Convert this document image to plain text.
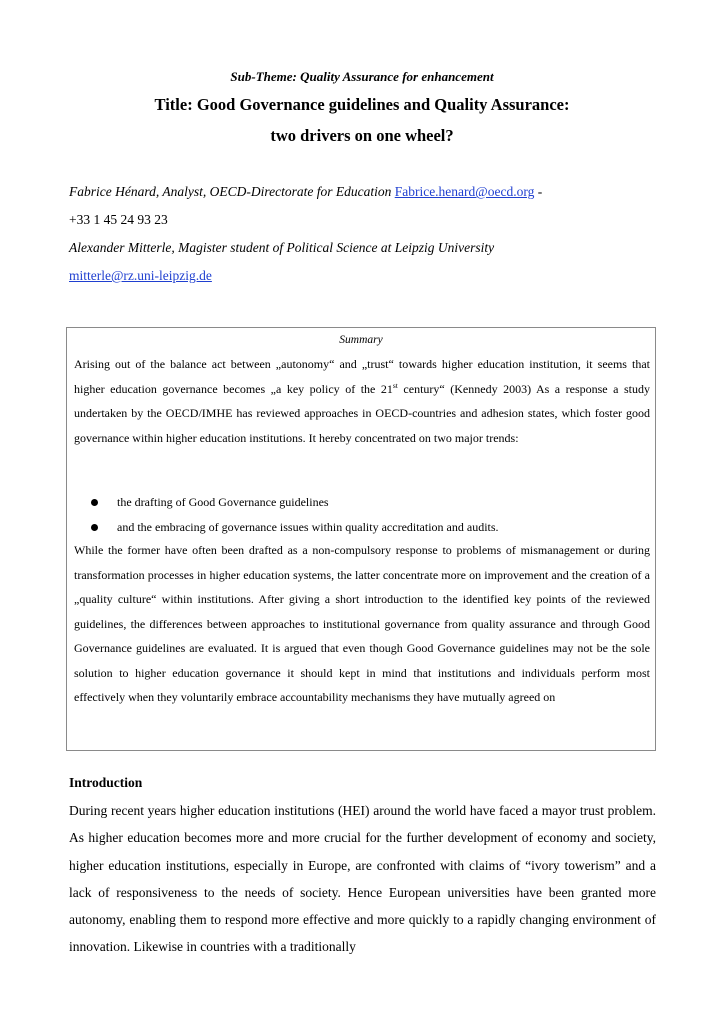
Sub-Theme: Quality Assurance for enhancement
Title: Good Governance guidelines and Quality Assurance:
two drivers on one wheel?
Fabrice Hénard, Analyst, OECD-Directorate for Education Fabrice.henard@oecd.org -
+33 1 45 24 93 23
Alexander Mitterle, Magister student of Political Science at Leipzig University
mitterle@rz.uni-leipzig.de
Summary
Arising out of the balance act between „autonomy“ and „trust“ towards higher education institution, it seems that higher education governance becomes „a key policy of the 21st century“ (Kennedy 2003) As a response a study undertaken by the OECD/IMHE has reviewed approaches in OECD-countries and adhesion states, which foster good governance within higher education institutions. It hereby concentrated on two major trends:
the drafting of Good Governance guidelines
and the embracing of governance issues within quality accreditation and audits.
While the former have often been drafted as a non-compulsory response to problems of mismanagement or during transformation processes in higher education systems, the latter concentrate more on improvement and the creation of a „quality culture“ within institutions. After giving a short introduction to the identified key points of the reviewed guidelines, the differences between approaches to institutional governance from quality assurance and through Good Governance guidelines are evaluated. It is argued that even though Good Governance guidelines may not be the sole solution to higher education governance it should kept in mind that institutions and individuals perform most effectively when they voluntarily embrace accountability mechanisms they have mutually agreed on
Introduction
During recent years higher education institutions (HEI) around the world have faced a mayor trust problem. As higher education becomes more and more crucial for the further development of economy and society, higher education institutions, especially in Europe, are confronted with claims of “ivory towerism” and a lack of responsiveness to the needs of society. Hence European universities have been granted more autonomy, enabling them to respond more effective and more quickly to a rapidly changing environment of innovation. Likewise in countries with a traditionally
